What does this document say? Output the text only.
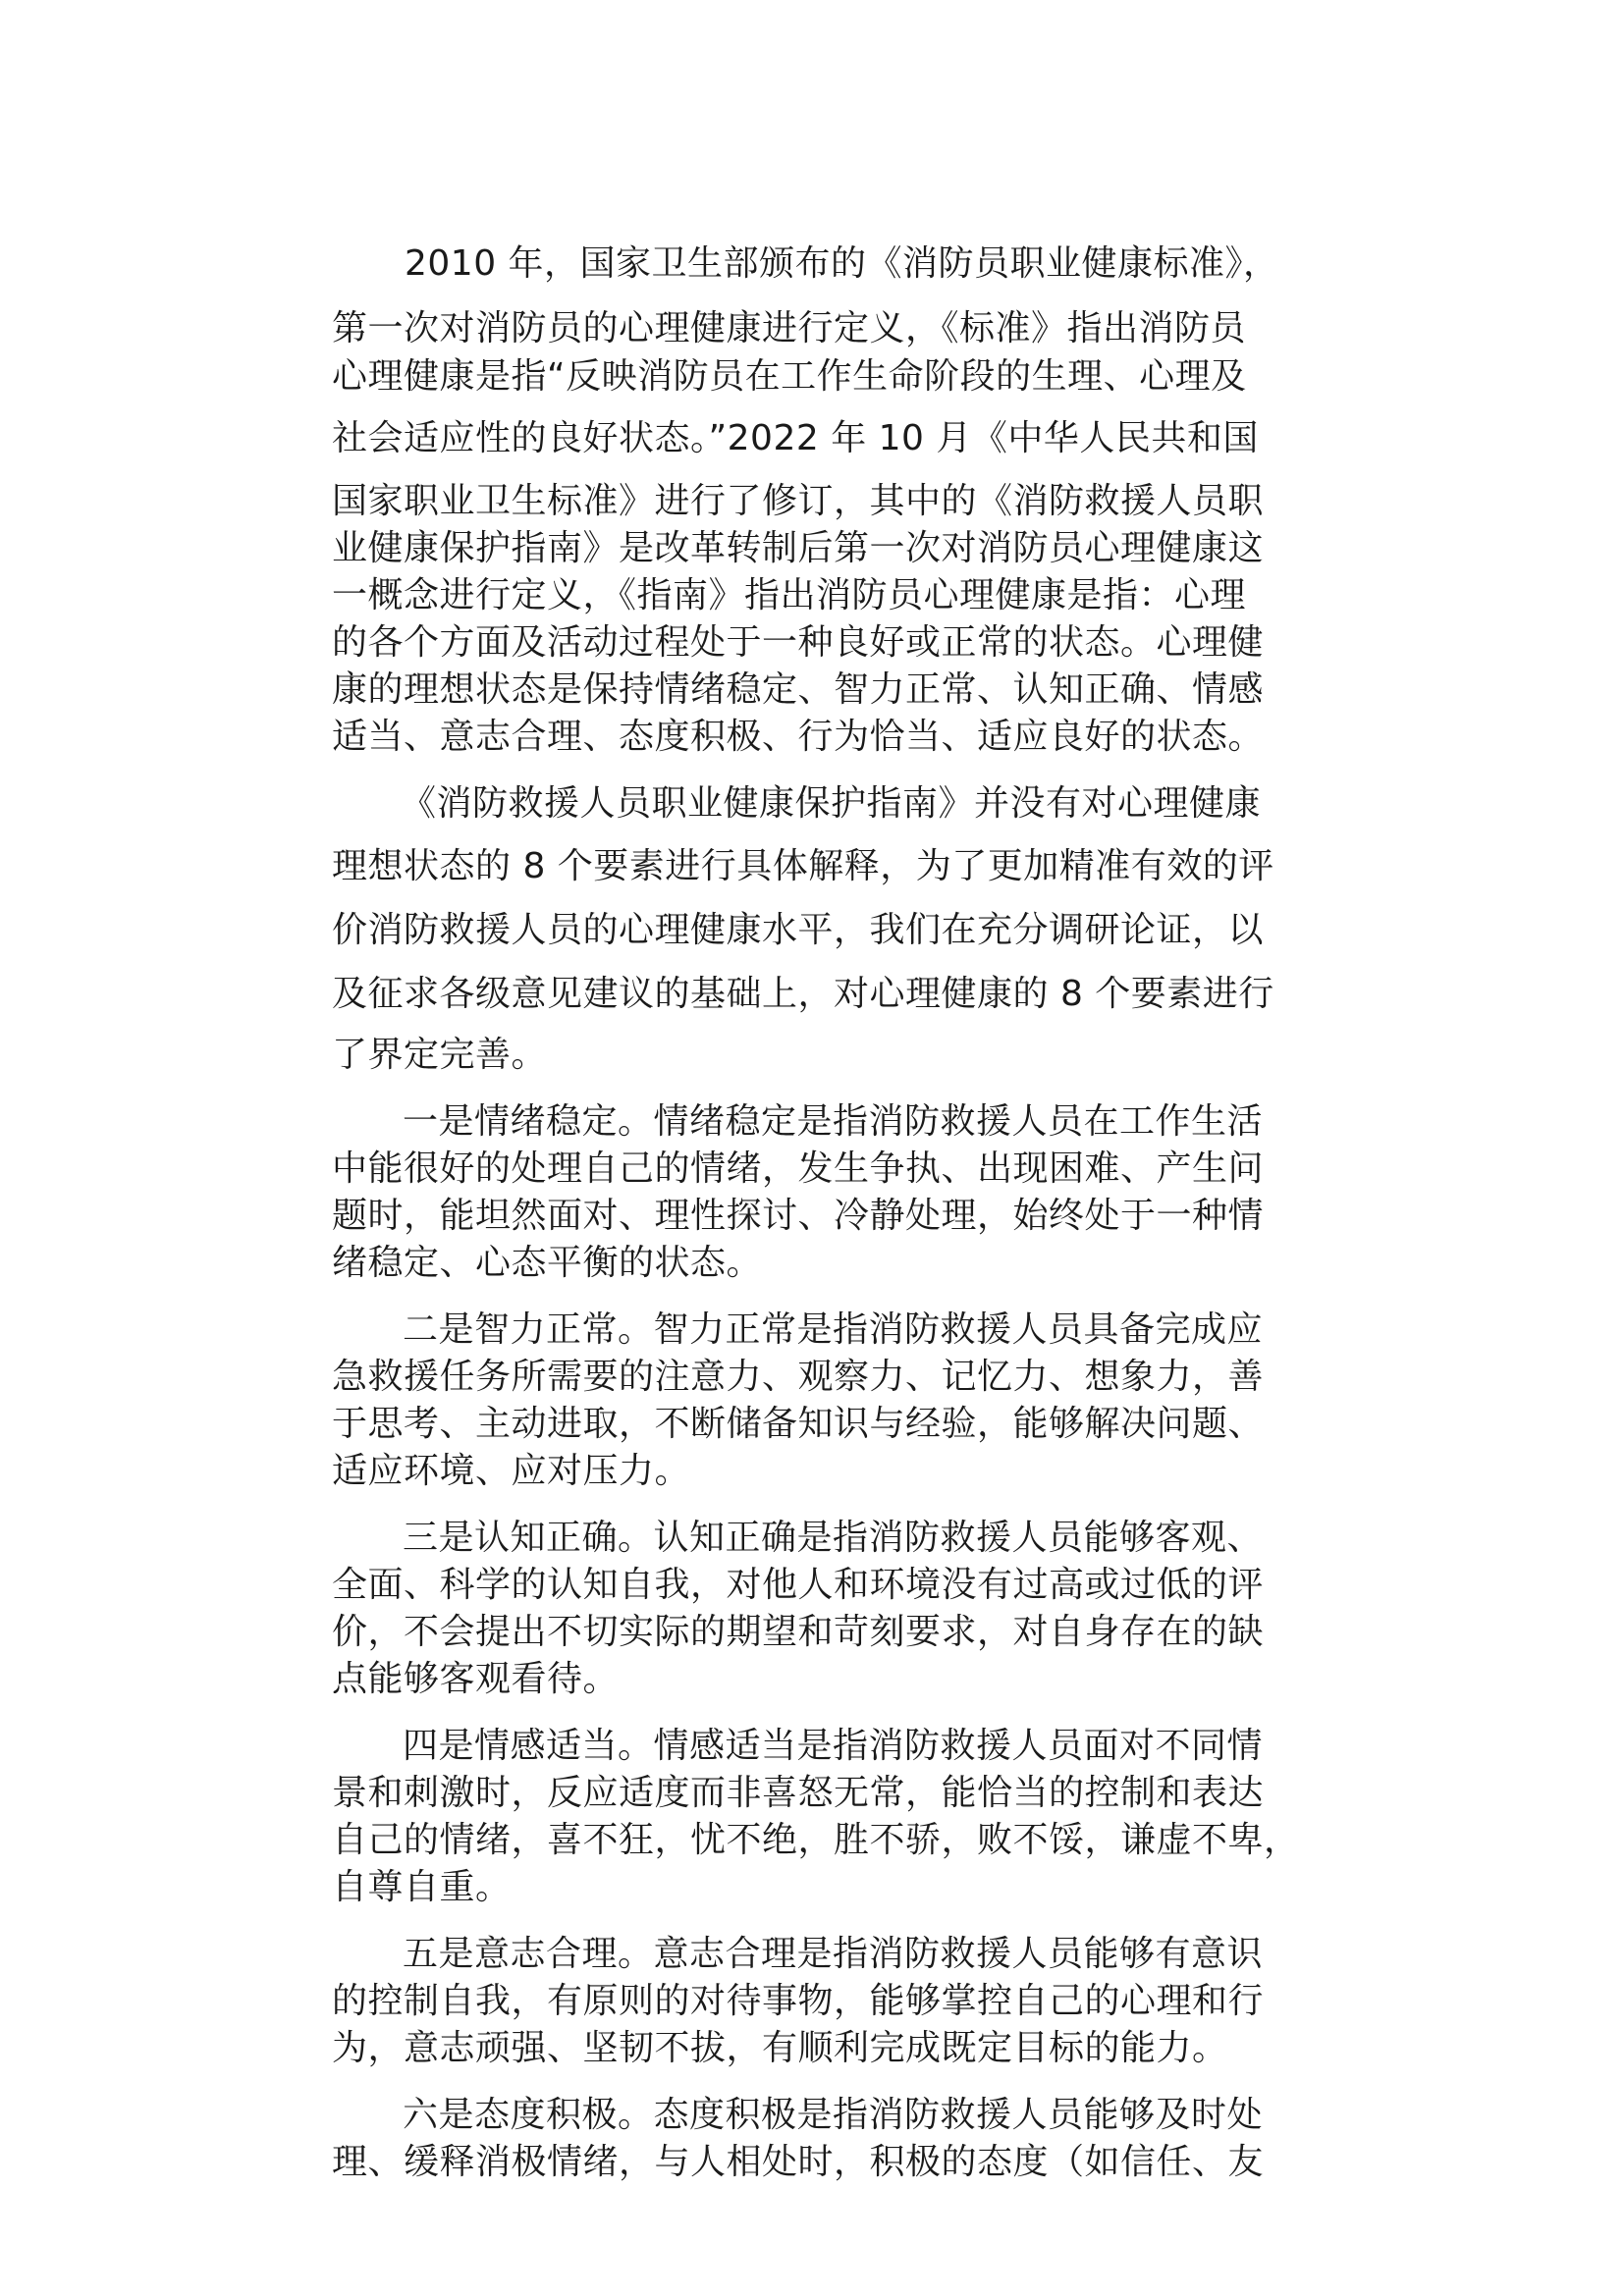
2010 年，国家卫生部颁布的《消防员职业健康标准》，
第一次对消防员的心理健康进行定义，《标准》指出消防员
心理健康是指“反映消防员在工作生命阶段的生理、心理及
社会适应性的良好状态。”2022 年 10 月《中华人民共和国
国家职业卫生标准》进行了修订，其中的《消防救援人员职
业健康保护指南》是改革转制后第一次对消防员心理健康这
一概念进行定义，《指南》指出消防员心理健康是指：心理
的各个方面及活动过程处于一种良好或正常的状态。心理健
康的理想状态是保持情绪稳定、智力正常、认知正确、情感
适当、意志合理、态度积极、行为恰当、适应良好的状态。
《消防救援人员职业健康保护指南》并没有对心理健康
理想状态的 8 个要素进行具体解释，为了更加精准有效的评
价消防救援人员的心理健康水平，我们在充分调研论证，以
及征求各级意见建议的基础上，对心理健康的 8 个要素进行
了界定完善。
一是情绪稳定。情绪稳定是指消防救援人员在工作生活
中能很好的处理自己的情绪，发生争执、出现困难、产生问
题时，能坦然面对、理性探讨、冷静处理，始终处于一种情
绪稳定、心态平衡的状态。
二是智力正常。智力正常是指消防救援人员具备完成应
急救援任务所需要的注意力、观察力、记忆力、想象力，善
于思考、主动进取，不断储备知识与经验，能够解决问题、
适应环境、应对压力。
三是认知正确。认知正确是指消防救援人员能够客观、
全面、科学的认知自我，对他人和环境没有过高或过低的评
价，不会提出不切实际的期望和苛刻要求，对自身存在的缺
点能够客观看待。
四是情感适当。情感适当是指消防救援人员面对不同情
景和刺激时，反应适度而非喜怒无常，能恰当的控制和表达
自己的情绪，喜不狂，忧不绝，胜不骄，败不馁，谦虚不卑，
自尊自重。
五是意志合理。意志合理是指消防救援人员能够有意识
的控制自我，有原则的对待事物，能够掌控自己的心理和行
为，意志顽强、坚韧不拔，有顺利完成既定目标的能力。
六是态度积极。态度积极是指消防救援人员能够及时处
理、缓释消极情绪，与人相处时，积极的态度（如信任、友
